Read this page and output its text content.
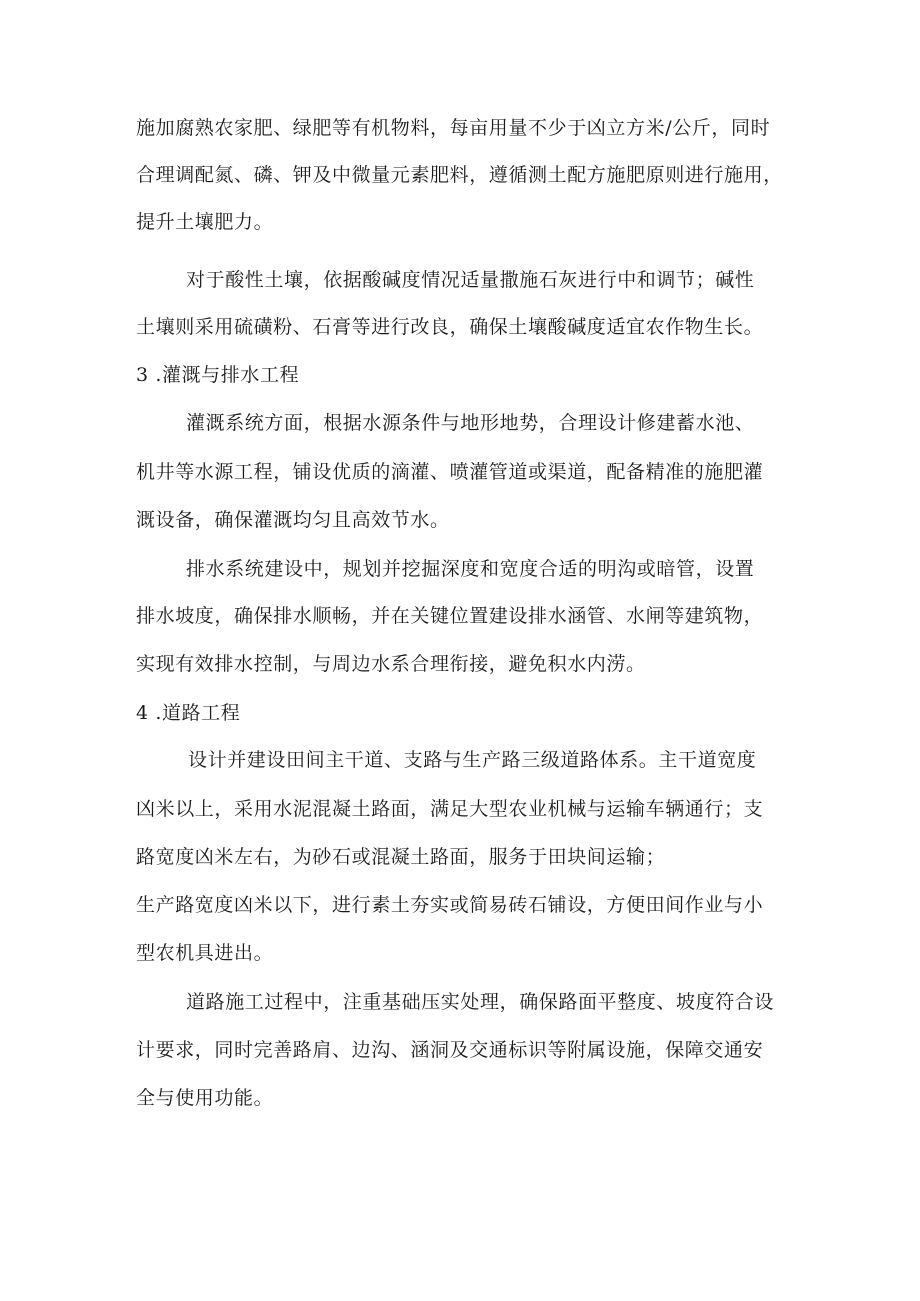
施加腐熟农家肥、绿肥等有机物料，每亩用量不少于凶立方米/公斤，同时
合理调配氮、磷、钾及中微量元素肥料，遵循测土配方施肥原则进行施用，
提升土壤肥力。
对于酸性土壤，依据酸碱度情况适量撒施石灰进行中和调节；碱性
土壤则采用硫磺粉、石膏等进行改良，确保土壤酸碱度适宜农作物生长。
3 .灌溉与排水工程
灌溉系统方面，根据水源条件与地形地势，合理设计修建蓄水池、
机井等水源工程，铺设优质的滴灌、喷灌管道或渠道，配备精准的施肥灌
溉设备，确保灌溉均匀且高效节水。
排水系统建设中，规划并挖掘深度和宽度合适的明沟或暗管，设置
排水坡度，确保排水顺畅，并在关键位置建设排水涵管、水闸等建筑物，
实现有效排水控制，与周边水系合理衔接，避免积水内涝。
4 .道路工程
设计并建设田间主干道、支路与生产路三级道路体系。主干道宽度
凶米以上，采用水泥混凝土路面，满足大型农业机械与运输车辆通行；支
路宽度凶米左右，为砂石或混凝土路面，服务于田块间运输；
生产路宽度凶米以下，进行素土夯实或简易砖石铺设，方便田间作业与小
型农机具进出。
道路施工过程中，注重基础压实处理，确保路面平整度、坡度符合设
计要求，同时完善路肩、边沟、涵洞及交通标识等附属设施，保障交通安
全与使用功能。
